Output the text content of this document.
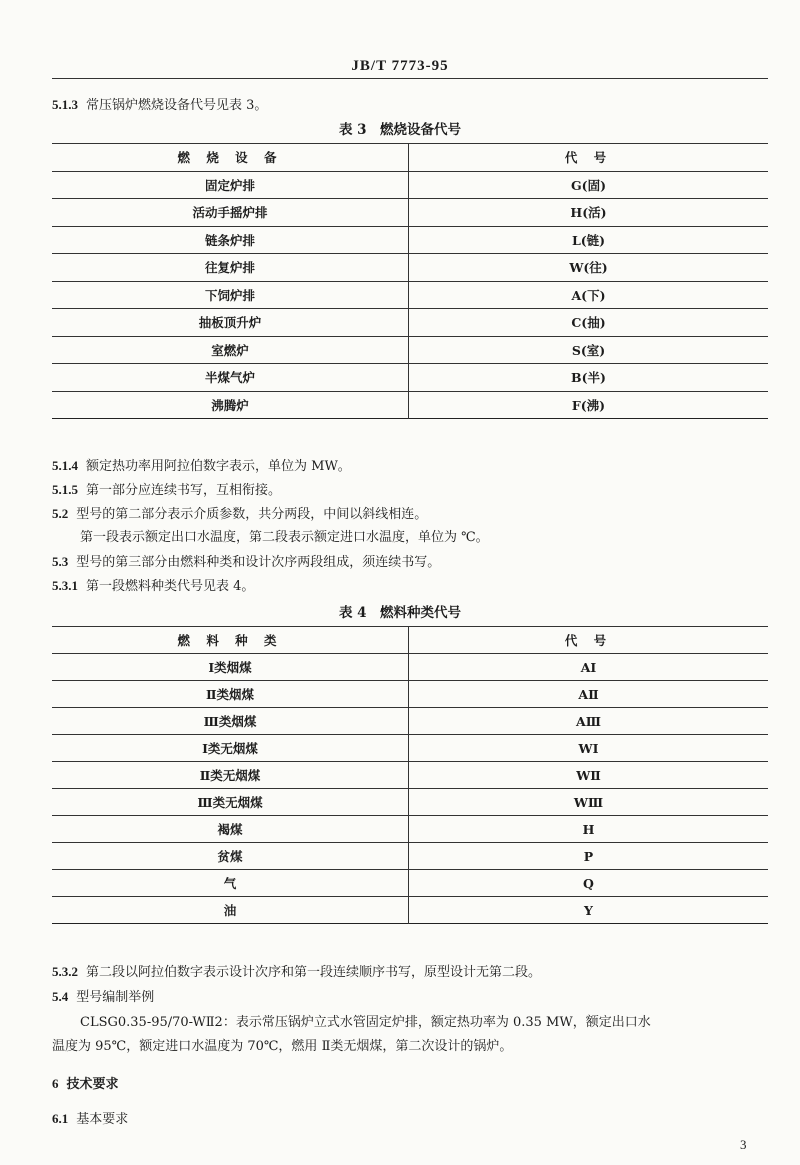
JB/T 7773-95
5.1.3 常压锅炉燃烧设备代号见表 3。
表 3　燃烧设备代号
燃 烧 设 备	代 号
固定炉排	G(固)
活动手摇炉排	H(活)
链条炉排	L(链)
往复炉排	W(往)
下饲炉排	A(下)
抽板顶升炉	C(抽)
室燃炉	S(室)
半煤气炉	B(半)
沸腾炉	F(沸)
5.1.4 额定热功率用阿拉伯数字表示，单位为 MW。
5.1.5 第一部分应连续书写，互相衔接。
5.2 型号的第二部分表示介质参数，共分两段，中间以斜线相连。
第一段表示额定出口水温度，第二段表示额定进口水温度，单位为 ℃。
5.3 型号的第三部分由燃料种类和设计次序两段组成，须连续书写。
5.3.1 第一段燃料种类代号见表 4。
表 4　燃料种类代号
燃 料 种 类	代 号
Ⅰ类烟煤	AⅠ
Ⅱ类烟煤	AⅡ
Ⅲ类烟煤	AⅢ
Ⅰ类无烟煤	WⅠ
Ⅱ类无烟煤	WⅡ
Ⅲ类无烟煤	WⅢ
褐煤	H
贫煤	P
气	Q
油	Y
5.3.2 第二段以阿拉伯数字表示设计次序和第一段连续顺序书写，原型设计无第二段。
5.4 型号编制举例
CLSG0.35-95/70-WⅡ2：表示常压锅炉立式水管固定炉排，额定热功率为 0.35 MW，额定出口水
温度为 95℃，额定进口水温度为 70℃，燃用 Ⅱ类无烟煤，第二次设计的锅炉。
6 技术要求
6.1 基本要求
3
